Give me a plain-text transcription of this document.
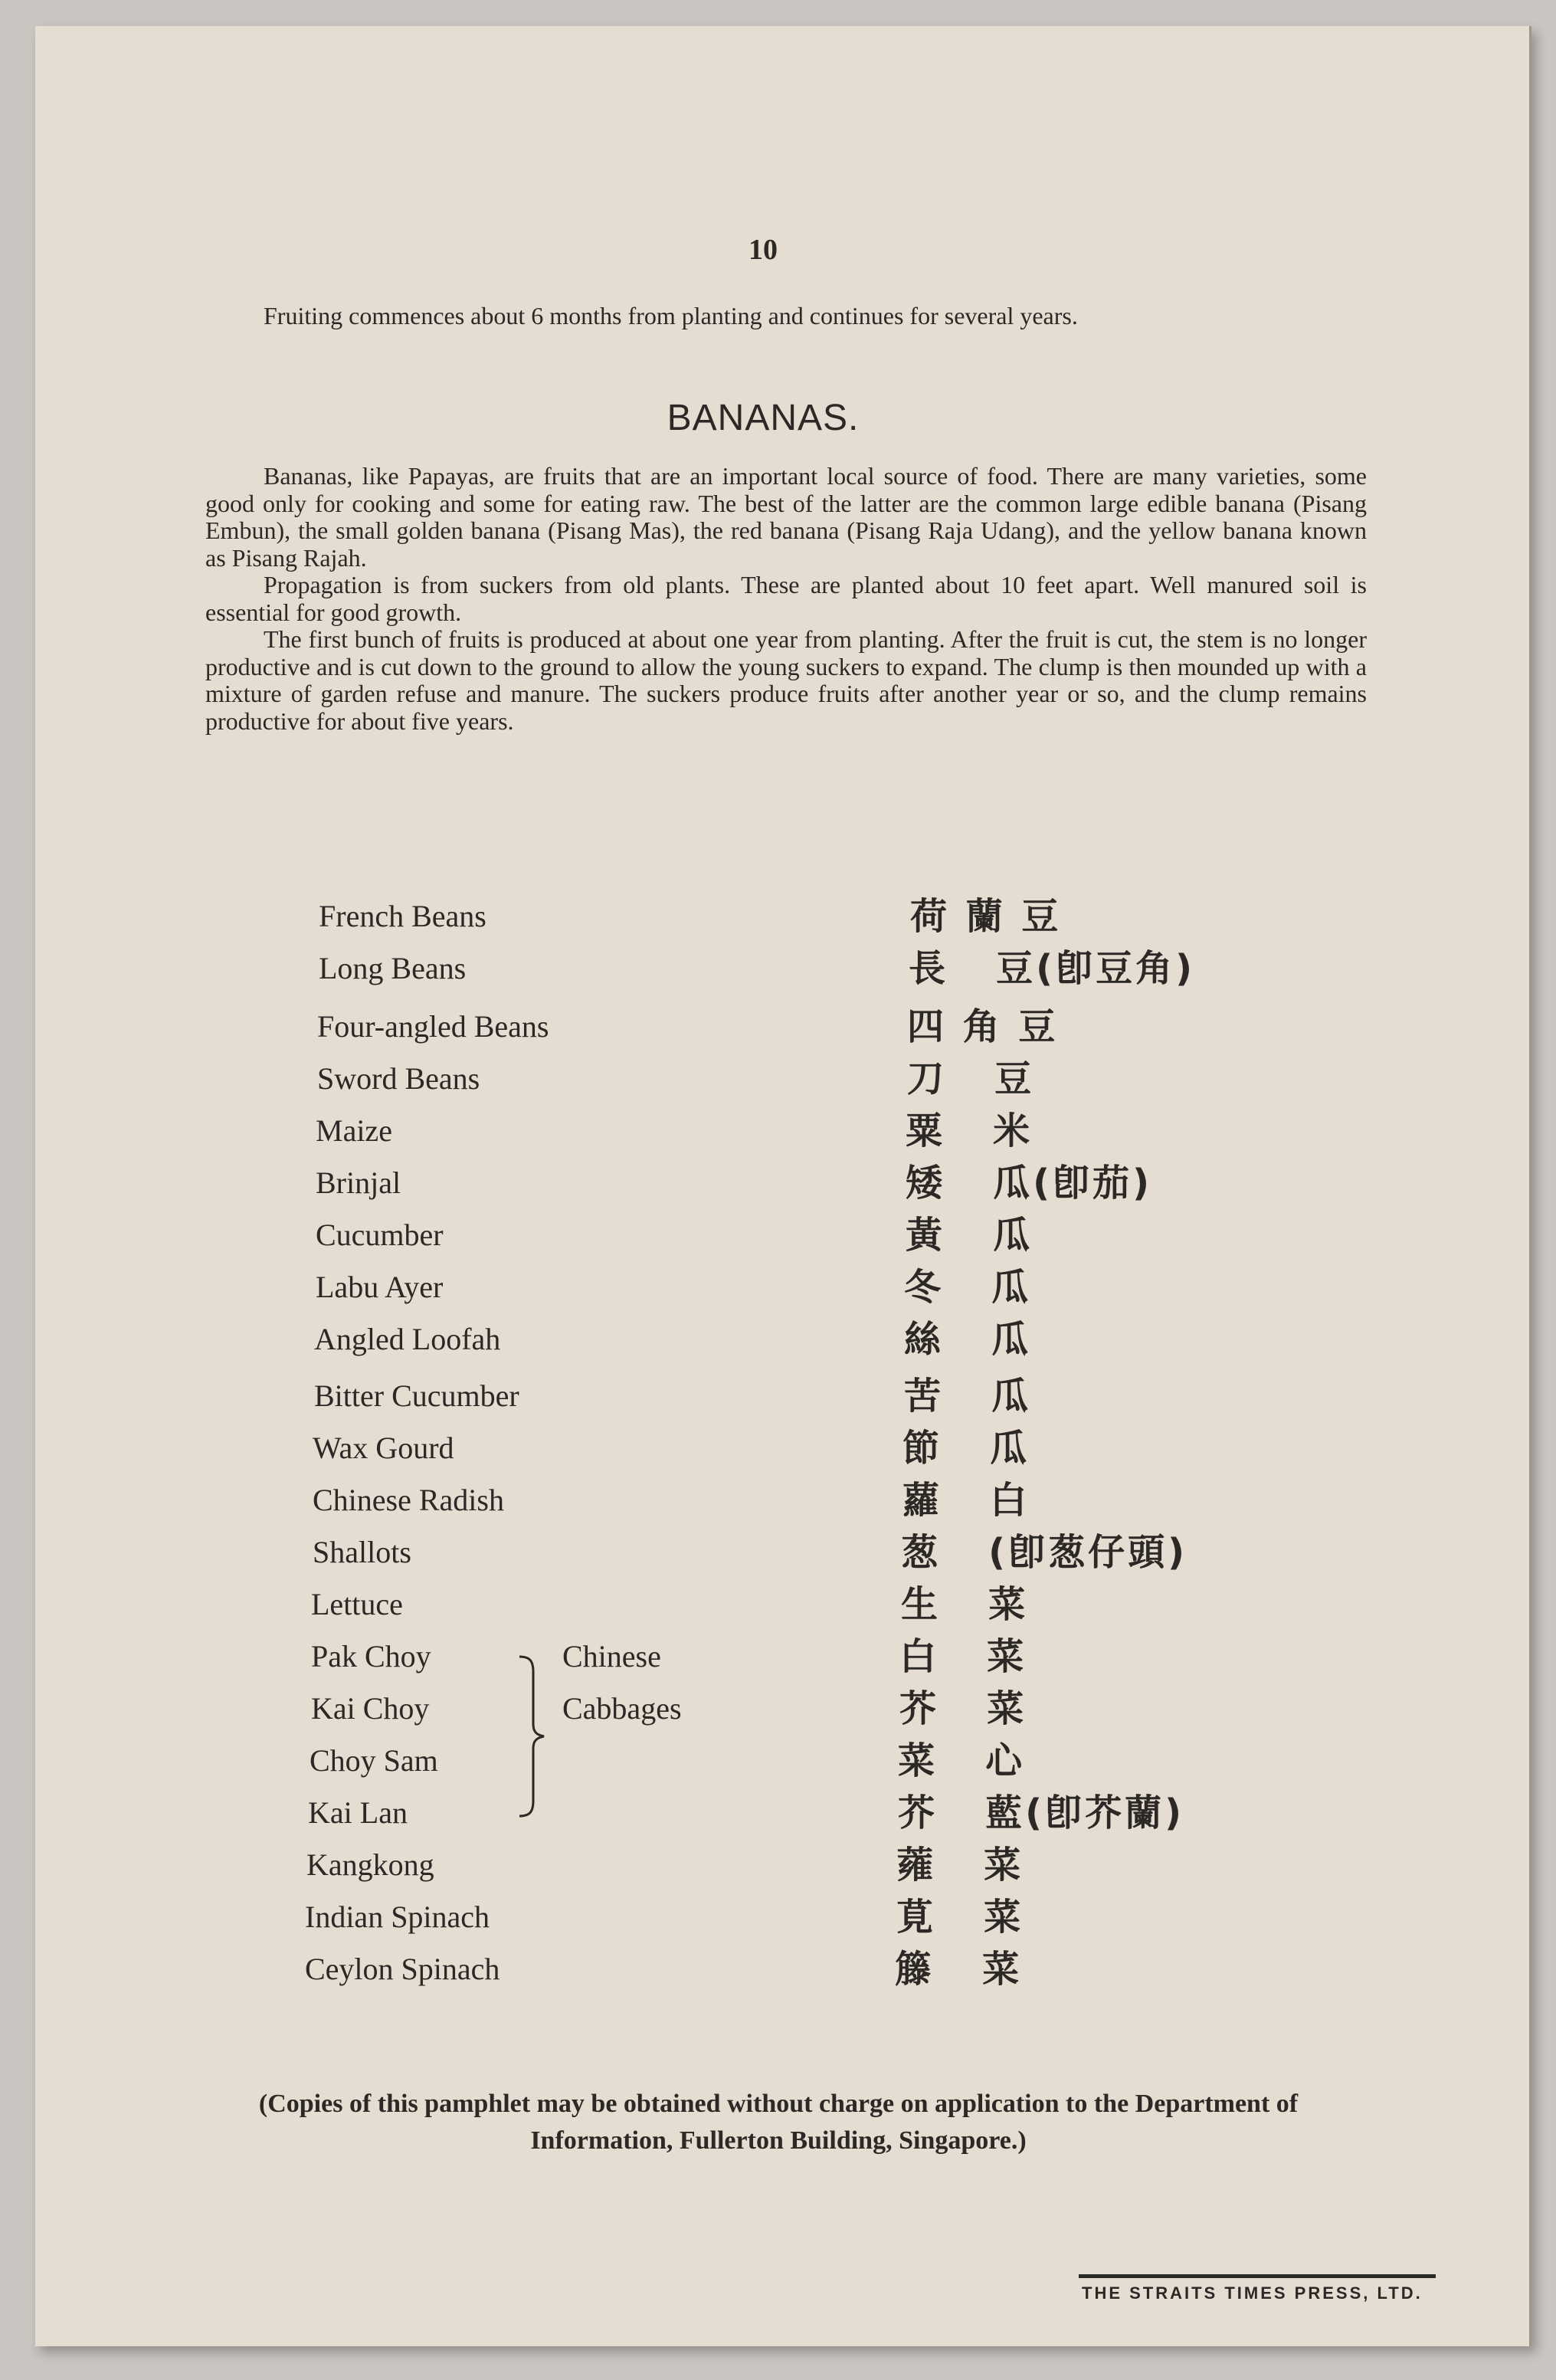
10

Fruiting commences about 6 months from planting and continues for several years.

BANANAS.

Bananas, like Papayas, are fruits that are an important local source of food. There are many varieties, some good only for cooking and some for eating raw. The best of the latter are the common large edible banana (Pisang Embun), the small golden banana (Pisang Mas), the red banana (Pisang Raja Udang), and the yellow banana known as Pisang Rajah.

Propagation is from suckers from old plants. These are planted about 10 feet apart. Well manured soil is essential for good growth.

The first bunch of fruits is produced at about one year from planting. After the fruit is cut, the stem is no longer productive and is cut down to the ground to allow the young suckers to expand. The clump is then mounded up with a mixture of garden refuse and manure. The suckers produce fruits after another year or so, and the clump remains productive for about five years.

French Beans	荷 蘭 豆
Long Beans	長   豆(卽豆角)
Four-angled Beans	四 角 豆
Sword Beans	刀   豆
Maize	粟   米
Brinjal	矮   瓜(卽茄)
Cucumber	黃   瓜
Labu Ayer	冬   瓜
Angled Loofah	絲   瓜
Bitter Cucumber	苦   瓜
Wax Gourd	節   瓜
Chinese Radish	蘿   白
Shallots	葱   (卽葱仔頭)
Lettuce	生   菜
Pak Choy	白   菜
Kai Choy	芥   菜
Choy Sam	菜   心
Kai Lan	芥   藍(卽芥蘭)
Kangkong	蕹   菜
Indian Spinach	莧   菜
Ceylon Spinach	籐   菜
Chinese
Cabbages

(Copies of this pamphlet may be obtained without charge on application to the Department of Information, Fullerton Building, Singapore.)

THE STRAITS TIMES PRESS, LTD.
